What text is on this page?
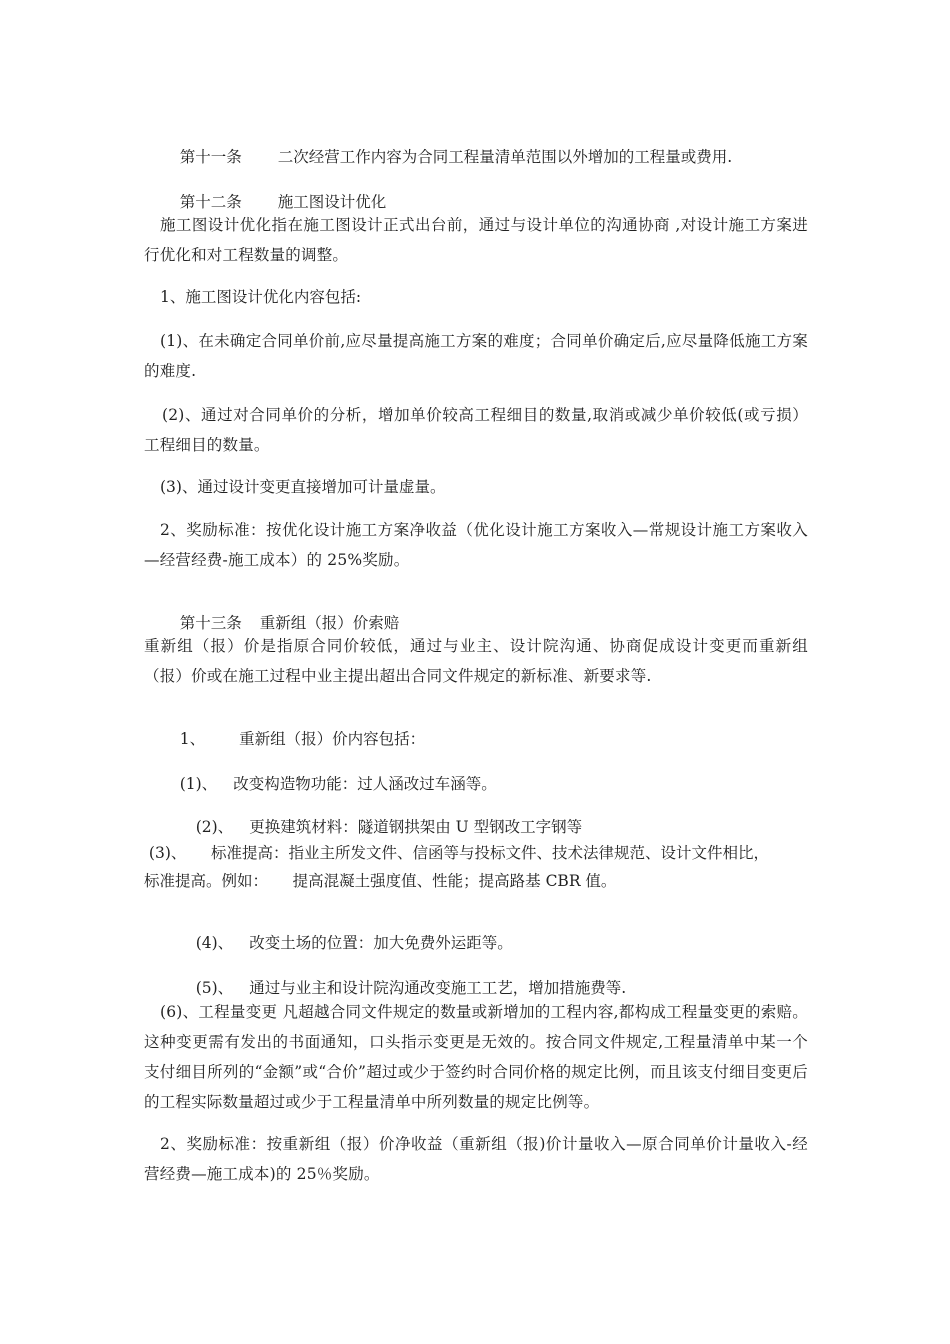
第十一条 二次经营工作内容为合同工程量清单范围以外增加的工程量或费用.

第十二条 施工图设计优化

施工图设计优化指在施工图设计正式出台前，通过与设计单位的沟通协商 ,对设计施工方案进行优化和对工程数量的调整。
1、施工图设计优化内容包括:
(1)、在未确定合同单价前,应尽量提高施工方案的难度；合同单价确定后,应尽量降低施工方案的难度.
(2)、通过对合同单价的分析，增加单价较高工程细目的数量,取消或减少单价较低(或亏损）工程细目的数量。
(3)、通过设计变更直接增加可计量虚量。
2、奖励标准：按优化设计施工方案净收益（优化设计施工方案收入—常规设计施工方案收入—经营经费-施工成本）的 25%奖励。

第十三条 重新组（报）价索赔

重新组（报）价是指原合同价较低，通过与业主、设计院沟通、协商促成设计变更而重新组（报）价或在施工过程中业主提出超出合同文件规定的新标准、新要求等.

1、 重新组（报）价内容包括：

(1)、 改变构造物功能：过人涵改过车涵等。

(2)、 更换建筑材料：隧道钢拱架由 U 型钢改工字钢等

(3)、     标准提高：指业主所发文件、信函等与投标文件、技术法律规范、设计文件相比，
标准提高。例如：     提高混凝土强度值、性能；提高路基 CBR 值。

(4)、 改变土场的位置：加大免费外运距等。

(5)、 通过与业主和设计院沟通改变施工工艺，增加措施费等.

(6)、工程量变更 凡超越合同文件规定的数量或新增加的工程内容,都构成工程量变更的索赔。这种变更需有发出的书面通知，口头指示变更是无效的。按合同文件规定,工程量清单中某一个支付细目所列的“金额”或“合价”超过或少于签约时合同价格的规定比例，而且该支付细目变更后的工程实际数量超过或少于工程量清单中所列数量的规定比例等。
2、奖励标准：按重新组（报）价净收益（重新组（报)价计量收入—原合同单价计量收入-经营经费—施工成本)的 25％奖励。
